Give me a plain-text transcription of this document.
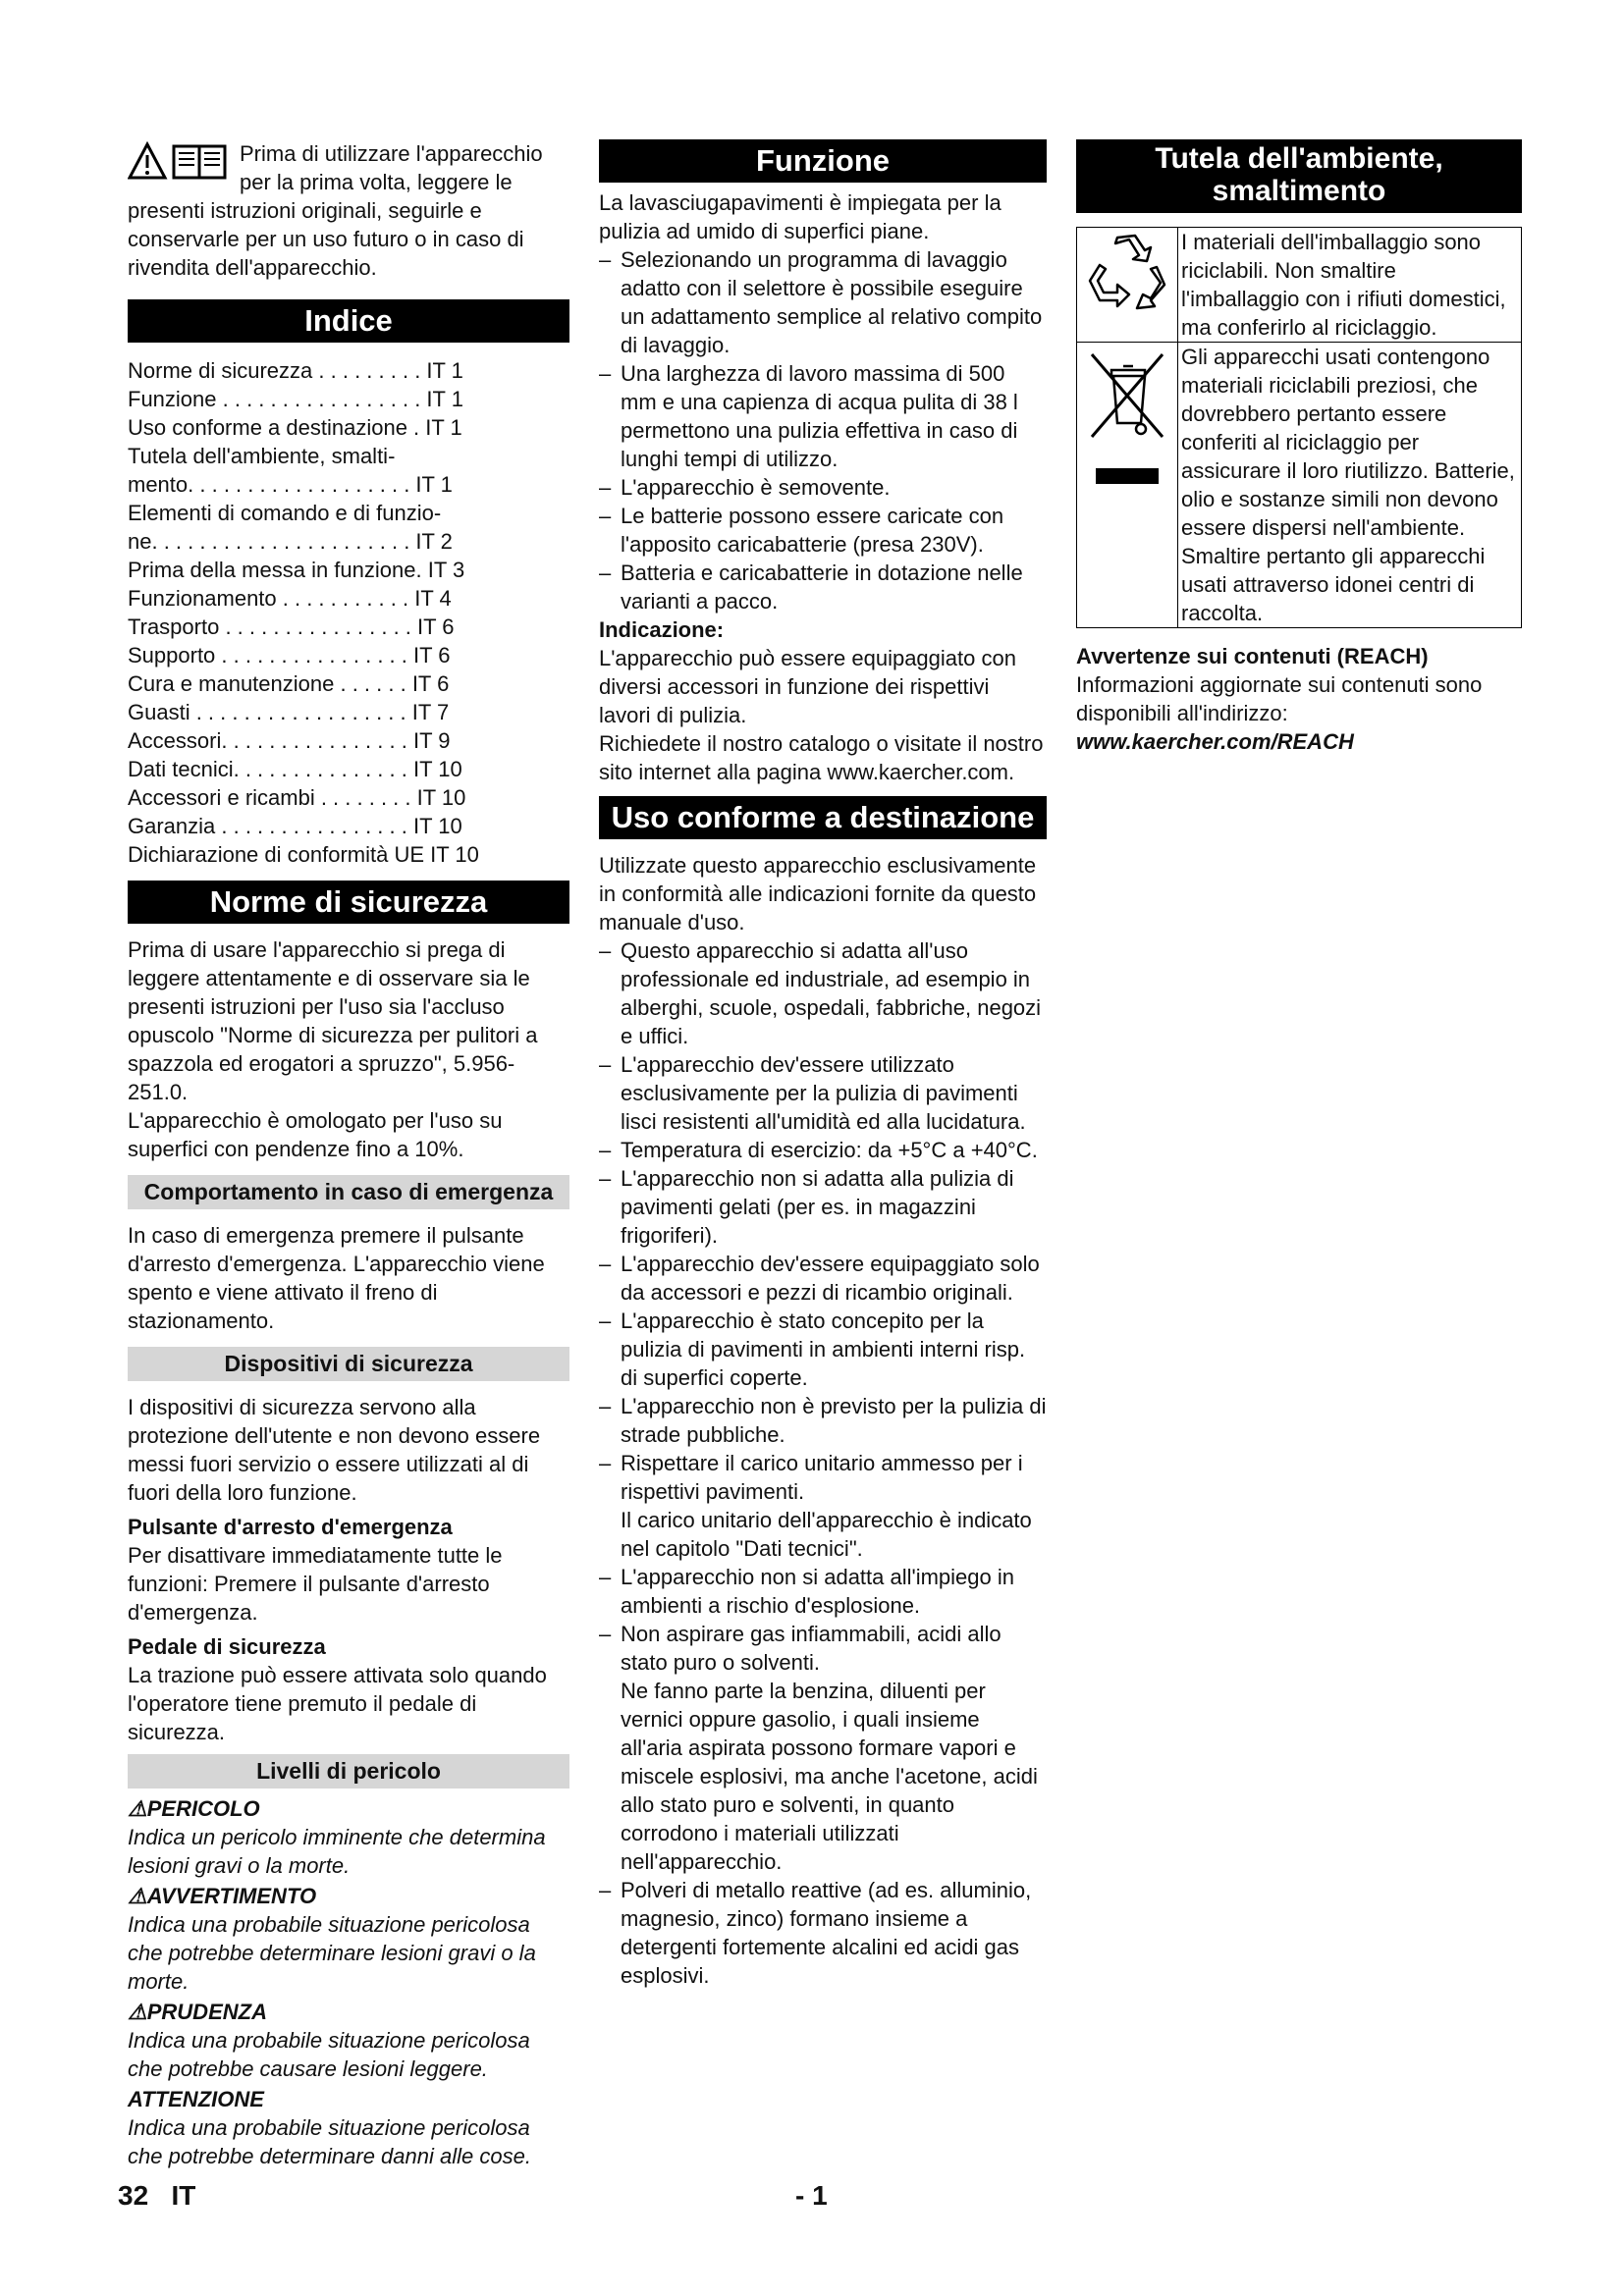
Prima di utilizzare l'apparecchio per la prima volta, leggere le presenti istruzioni originali, seguirle e conservarle per un uso futuro o in caso di rivendita dell'apparecchio.

Indice
Norme di sicurezza . . . . . . . . . IT 1
Funzione . . . . . . . . . . . . . . . . . IT 1
Uso conforme a destinazione . IT 1
Tutela dell'ambiente, smalti-
mento. . . . . . . . . . . . . . . . . . . IT 1
Elementi di comando e di funzio-
ne. . . . . . . . . . . . . . . . . . . . . . IT 2
Prima della messa in funzione. IT 3
Funzionamento . . . . . . . . . . . IT 4
Trasporto . . . . . . . . . . . . . . . . IT 6
Supporto . . . . . . . . . . . . . . . . IT 6
Cura e manutenzione . . . . . . IT 6
Guasti . . . . . . . . . . . . . . . . . . IT 7
Accessori. . . . . . . . . . . . . . . . IT 9
Dati tecnici. . . . . . . . . . . . . . . IT 10
Accessori e ricambi . . . . . . . . IT 10
Garanzia . . . . . . . . . . . . . . . . IT 10
Dichiarazione di conformità UE IT 10
Norme di sicurezza

Prima di usare l'apparecchio si prega di leggere attentamente e di osservare sia le presenti istruzioni per l'uso sia l'accluso opuscolo "Norme di sicurezza per pulitori a spazzola ed erogatori a spruzzo", 5.956-251.0.

L'apparecchio è omologato per l'uso su superfici con pendenze fino a 10%.

Comportamento in caso di emergenza

In caso di emergenza premere il pulsante d'arresto d'emergenza. L'apparecchio viene spento e viene attivato il freno di stazionamento.

Dispositivi di sicurezza

I dispositivi di sicurezza servono alla protezione dell'utente e non devono essere messi fuori servizio o essere utilizzati al di fuori della loro funzione.

Pulsante d'arresto d'emergenza

Per disattivare immediatamente tutte le funzioni: Premere il pulsante d'arresto d'emergenza.

Pedale di sicurezza

La trazione può essere attivata solo quando l'operatore tiene premuto il pedale di sicurezza.

Livelli di pericolo

⚠PERICOLO

Indica un pericolo imminente che determina lesioni gravi o la morte.

⚠AVVERTIMENTO

Indica una probabile situazione pericolosa che potrebbe determinare lesioni gravi o la morte.

⚠PRUDENZA

Indica una probabile situazione pericolosa che potrebbe causare lesioni leggere.

ATTENZIONE

Indica una probabile situazione pericolosa che potrebbe determinare danni alle cose.

Funzione

La lavasciugapavimenti è impiegata per la pulizia ad umido di superfici piane.

– Selezionando un programma di lavaggio adatto con il selettore è possibile eseguire un adattamento semplice al relativo compito di lavaggio.
– Una larghezza di lavoro massima di 500 mm e una capienza di acqua pulita di 38 l permettono una pulizia effettiva in caso di lunghi tempi di utilizzo.
– L'apparecchio è semovente.
– Le batterie possono essere caricate con l'apposito caricabatterie (presa 230V).
– Batteria e caricabatterie in dotazione nelle varianti a pacco.

Indicazione:

L'apparecchio può essere equipaggiato con diversi accessori in funzione dei rispettivi lavori di pulizia.

Richiedete il nostro catalogo o visitate il nostro sito internet alla pagina www.kaercher.com.

Uso conforme a destinazione

Utilizzate questo apparecchio esclusivamente in conformità alle indicazioni fornite da questo manuale d'uso.

– Questo apparecchio si adatta all'uso professionale ed industriale, ad esempio in alberghi, scuole, ospedali, fabbriche, negozi e uffici.
– L'apparecchio dev'essere utilizzato esclusivamente per la pulizia di pavimenti lisci resistenti all'umidità ed alla lucidatura.
– Temperatura di esercizio: da +5°C a +40°C.
– L'apparecchio non si adatta alla pulizia di pavimenti gelati (per es. in magazzini frigoriferi).
– L'apparecchio dev'essere equipaggiato solo da accessori e pezzi di ricambio originali.
– L'apparecchio è stato concepito per la pulizia di pavimenti in ambienti interni risp. di superfici coperte.
– L'apparecchio non è previsto per la pulizia di strade pubbliche.
– Rispettare il carico unitario ammesso per i rispettivi pavimenti.
Il carico unitario dell'apparecchio è indicato nel capitolo "Dati tecnici".
– L'apparecchio non si adatta all'impiego in ambienti a rischio d'esplosione.
– Non aspirare gas infiammabili, acidi allo stato puro o solventi.
Ne fanno parte la benzina, diluenti per vernici oppure gasolio, i quali insieme all'aria aspirata possono formare vapori e miscele esplosivi, ma anche l'acetone, acidi allo stato puro e solventi, in quanto corrodono i materiali utilizzati nell'apparecchio.
– Polveri di metallo reattive (ad es. alluminio, magnesio, zinco) formano insieme a detergenti fortemente alcalini ed acidi gas esplosivi.
Tutela dell'ambiente, smaltimento
	I materiali dell'imballaggio sono riciclabili. Non smaltire l'imballaggio con i rifiuti domestici, ma conferirlo al riciclaggio.
	Gli apparecchi usati contengono materiali riciclabili preziosi, che dovrebbero pertanto essere conferiti al riciclaggio per assicurare il loro riutilizzo. Batterie, olio e sostanze simili non devono essere dispersi nell'ambiente. Smaltire pertanto gli apparecchi usati attraverso idonei centri di raccolta.

Avvertenze sui contenuti (REACH)

Informazioni aggiornate sui contenuti sono disponibili all'indirizzo:

www.kaercher.com/REACH

32 IT	- 1
